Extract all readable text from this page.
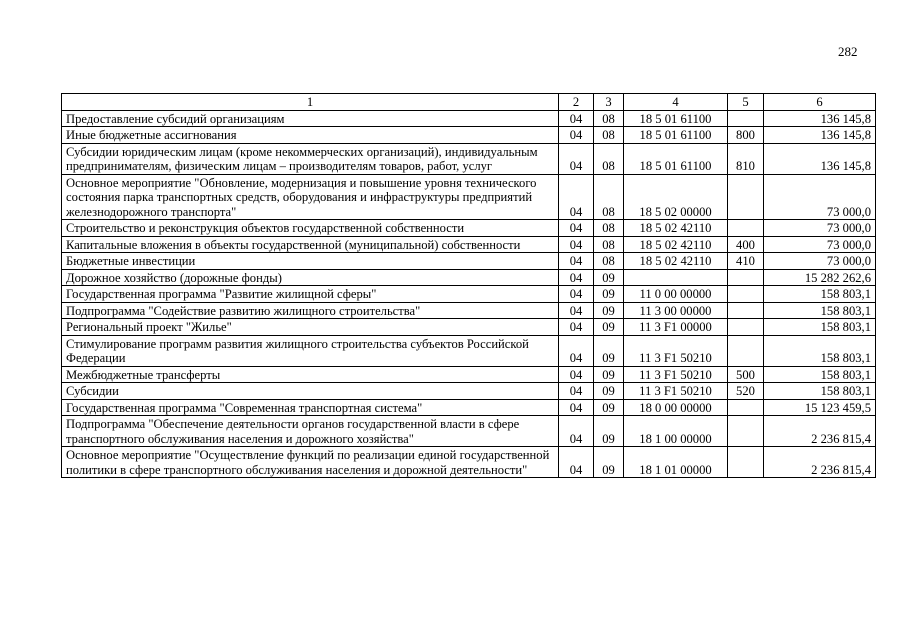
282
1	2	3	4	5	6
Предоставление субсидий организациям	04	08	18 5 01 61100		136 145,8
Иные бюджетные ассигнования	04	08	18 5 01 61100	800	136 145,8
Субсидии юридическим лицам (кроме некоммерческих организаций), индивидуальным предпринимателям, физическим лицам – производителям товаров, работ, услуг	04	08	18 5 01 61100	810	136 145,8
Основное мероприятие "Обновление, модернизация и повышение уровня технического состояния парка транспортных средств, оборудования и инфраструктуры предприятий железнодорожного транспорта"	04	08	18 5 02 00000		73 000,0
Строительство и реконструкция объектов государственной собственности	04	08	18 5 02 42110		73 000,0
Капитальные вложения в объекты государственной (муниципальной) собственности	04	08	18 5 02 42110	400	73 000,0
Бюджетные инвестиции	04	08	18 5 02 42110	410	73 000,0
Дорожное хозяйство (дорожные фонды)	04	09			15 282 262,6
Государственная программа "Развитие жилищной сферы"	04	09	11 0 00 00000		158 803,1
Подпрограмма "Содействие развитию жилищного строительства"	04	09	11 3 00 00000		158 803,1
Региональный проект "Жилье"	04	09	11 3 F1 00000		158 803,1
Стимулирование программ развития жилищного строительства субъектов Российской Федерации	04	09	11 3 F1 50210		158 803,1
Межбюджетные трансферты	04	09	11 3 F1 50210	500	158 803,1
Субсидии	04	09	11 3 F1 50210	520	158 803,1
Государственная программа "Современная транспортная система"	04	09	18 0 00 00000		15 123 459,5
Подпрограмма "Обеспечение деятельности органов государственной власти в сфере транспортного обслуживания населения и дорожного хозяйства"	04	09	18 1 00 00000		2 236 815,4
Основное мероприятие "Осуществление функций по реализации единой государственной политики в сфере транспортного обслуживания населения и дорожной деятельности"	04	09	18 1 01 00000		2 236 815,4
